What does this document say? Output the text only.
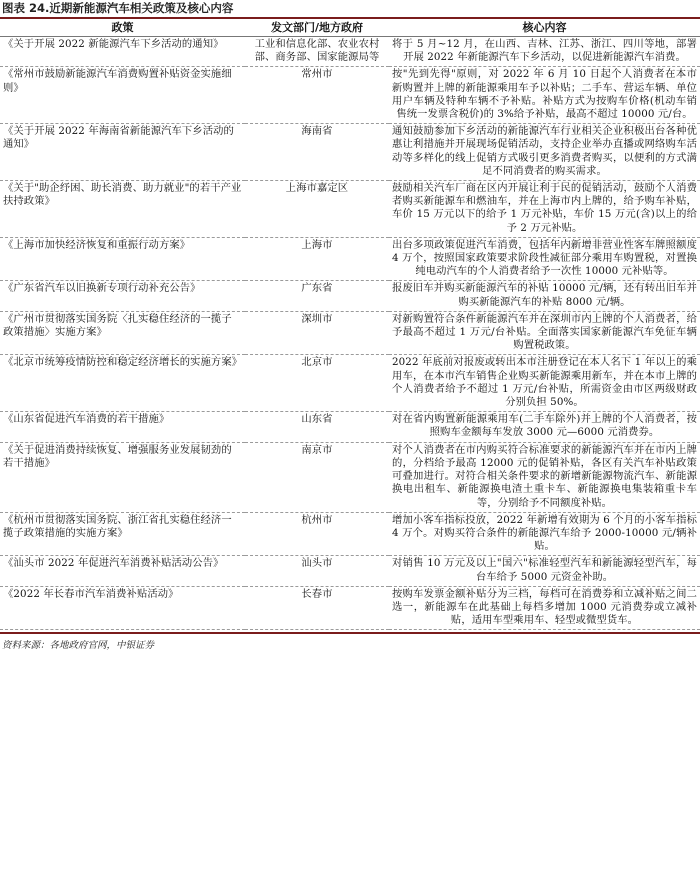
图表 24.近期新能源汽车相关政策及核心内容
政策	发文部门/地方政府	核心内容
《关于开展 2022 新能源汽车下乡活动的通知》	工业和信息化部、农业农村部、商务部、国家能源局等	将于 5 月~12 月，在山西、吉林、江苏、浙江、四川等地，部署开展 2022 年新能源汽车下乡活动，以促进新能源汽车消费。
《常州市鼓励新能源汽车消费购置补贴资金实施细则》	常州市	按"先到先得"原则，对 2022 年 6 月 10 日起个人消费者在本市新购置并上牌的新能源乘用车予以补贴；二手车、营运车辆、单位用户车辆及特种车辆不予补贴。补贴方式为按购车价格(机动车销售统一发票含税价)的 3%给予补贴，最高不超过 10000 元/台。
《关于开展 2022 年海南省新能源汽车下乡活动的通知》	海南省	通知鼓励参加下乡活动的新能源汽车行业相关企业积极出台各种优惠让利措施并开展现场促销活动，支持企业举办直播或网络购车活动等多样化的线上促销方式吸引更多消费者购买，以便利的方式满足不同消费者的购买需求。
《关于"助企纾困、助长消费、助力就业"的若干产业扶持政策》	上海市嘉定区	鼓励相关汽车厂商在区内开展让利于民的促销活动，鼓励个人消费者购买新能源车和燃油车，并在上海市内上牌的，给予购车补贴，车价 15 万元以下的给予 1 万元补贴，车价 15 万元(含)以上的给予 2 万元补贴。
《上海市加快经济恢复和重振行动方案》	上海市	出台多项政策促进汽车消费，包括年内新增非营业性客车牌照额度 4 万个，按照国家政策要求阶段性减征部分乘用车购置税，对置换纯电动汽车的个人消费者给予一次性 10000 元补贴等。
《广东省汽车以旧换新专项行动补充公告》	广东省	报废旧车并购买新能源汽车的补贴 10000 元/辆，还有转出旧车并购买新能源汽车的补贴 8000 元/辆。
《广州市贯彻落实国务院〈扎实稳住经济的一揽子政策措施〉实施方案》	深圳市	对新购置符合条件新能源汽车并在深圳市内上牌的个人消费者，给予最高不超过 1 万元/台补贴。全面落实国家新能源汽车免征车辆购置税政策。
《北京市统筹疫情防控和稳定经济增长的实施方案》	北京市	2022 年底前对报废或转出本市注册登记在本人名下 1 年以上的乘用车，在本市汽车销售企业购买新能源乘用新车，并在本市上牌的个人消费者给予不超过 1 万元/台补贴，所需资金由市区两级财政分别负担 50%。
《山东省促进汽车消费的若干措施》	山东省	对在省内购置新能源乘用车(二手车除外)并上牌的个人消费者，按照购车金额每车发放 3000 元—6000 元消费券。
《关于促进消费持续恢复、增强服务业发展韧劲的若干措施》	南京市	对个人消费者在市内购买符合标准要求的新能源汽车并在市内上牌的，分档给予最高 12000 元的促销补贴，各区有关汽车补贴政策可叠加进行。对符合相关条件要求的新增新能源物流汽车、新能源换电出租车、新能源换电渣土重卡车、新能源换电集装箱重卡车等，分别给予不同额度补贴。
《杭州市贯彻落实国务院、浙江省扎实稳住经济一揽子政策措施的实施方案》	杭州市	增加小客车指标投放，2022 年新增有效期为 6 个月的小客车指标 4 万个。对购买符合条件的新能源汽车给予 2000-10000 元/辆补贴。
《汕头市 2022 年促进汽车消费补贴活动公告》	汕头市	对销售 10 万元及以上"国六"标准轻型汽车和新能源轻型汽车，每台车给予 5000 元资金补助。
《2022 年长春市汽车消费补贴活动》	长春市	按购车发票金额补贴分为三档，每档可在消费券和立减补贴之间二选一，新能源车在此基础上每档多增加 1000 元消费券或立减补贴，适用车型乘用车、轻型或微型货车。
资料来源：各地政府官网，中银证券
